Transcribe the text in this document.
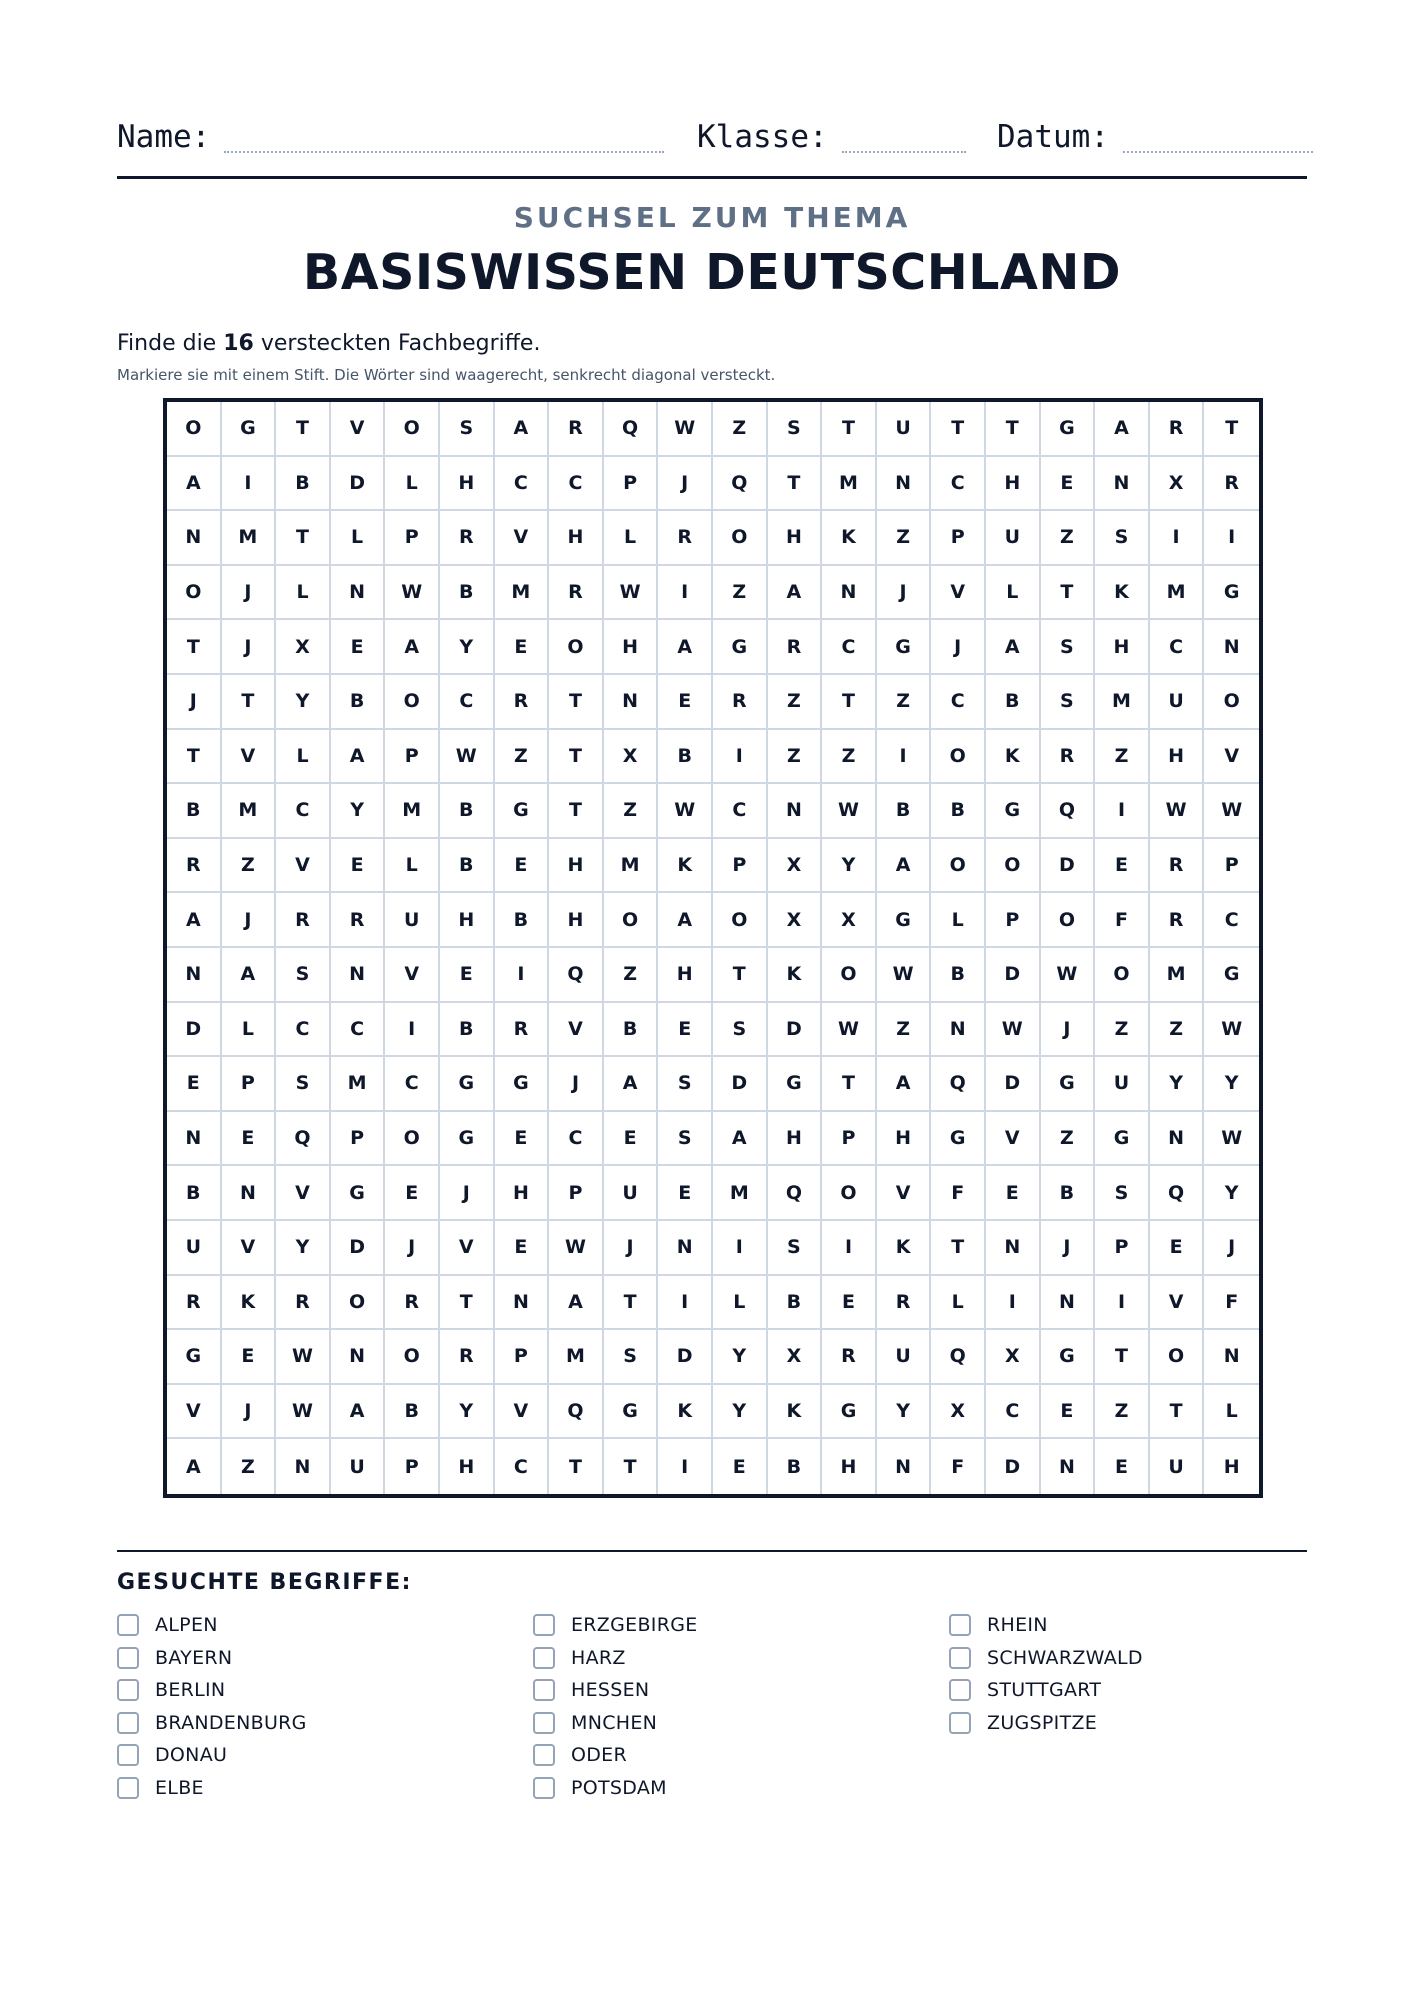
Name:	Klasse:	Datum:
SUCHSEL ZUM THEMA
BASISWISSEN DEUTSCHLAND
Finde die 16 versteckten Fachbegriffe.
Markiere sie mit einem Stift. Die Wörter sind waagerecht, senkrecht diagonal versteckt.
O	G	T	V	O	S	A	R	Q	W	Z	S	T	U	T	T	G	A	R	T
A	I	B	D	L	H	C	C	P	J	Q	T	M	N	C	H	E	N	X	R
N	M	T	L	P	R	V	H	L	R	O	H	K	Z	P	U	Z	S	I	I
O	J	L	N	W	B	M	R	W	I	Z	A	N	J	V	L	T	K	M	G
T	J	X	E	A	Y	E	O	H	A	G	R	C	G	J	A	S	H	C	N
J	T	Y	B	O	C	R	T	N	E	R	Z	T	Z	C	B	S	M	U	O
T	V	L	A	P	W	Z	T	X	B	I	Z	Z	I	O	K	R	Z	H	V
B	M	C	Y	M	B	G	T	Z	W	C	N	W	B	B	G	Q	I	W	W
R	Z	V	E	L	B	E	H	M	K	P	X	Y	A	O	O	D	E	R	P
A	J	R	R	U	H	B	H	O	A	O	X	X	G	L	P	O	F	R	C
N	A	S	N	V	E	I	Q	Z	H	T	K	O	W	B	D	W	O	M	G
D	L	C	C	I	B	R	V	B	E	S	D	W	Z	N	W	J	Z	Z	W
E	P	S	M	C	G	G	J	A	S	D	G	T	A	Q	D	G	U	Y	Y
N	E	Q	P	O	G	E	C	E	S	A	H	P	H	G	V	Z	G	N	W
B	N	V	G	E	J	H	P	U	E	M	Q	O	V	F	E	B	S	Q	Y
U	V	Y	D	J	V	E	W	J	N	I	S	I	K	T	N	J	P	E	J
R	K	R	O	R	T	N	A	T	I	L	B	E	R	L	I	N	I	V	F
G	E	W	N	O	R	P	M	S	D	Y	X	R	U	Q	X	G	T	O	N
V	J	W	A	B	Y	V	Q	G	K	Y	K	G	Y	X	C	E	Z	T	L
A	Z	N	U	P	H	C	T	T	I	E	B	H	N	F	D	N	E	U	H
GESUCHTE BEGRIFFE:
ALPEN
BAYERN
BERLIN
BRANDENBURG
DONAU
ELBE
ERZGEBIRGE
HARZ
HESSEN
MNCHEN
ODER
POTSDAM
RHEIN
SCHWARZWALD
STUTTGART
ZUGSPITZE
